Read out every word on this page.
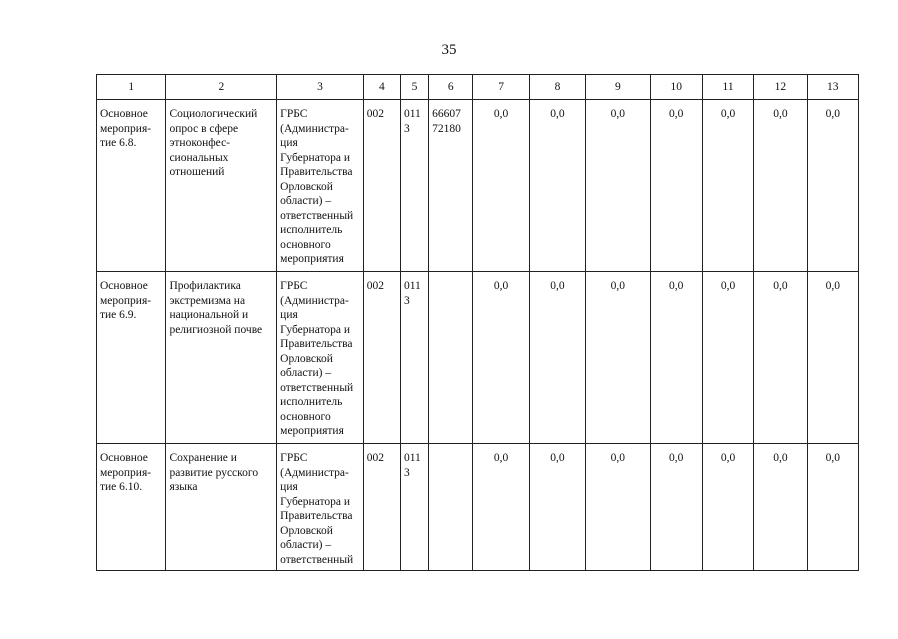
35
1	2	3	4	5	6	7	8	9	10	11	12	13
Основное мероприя-тие 6.8.	Социологический опрос в сфере этноконфес-сиональных отношений	ГРБС (Администра-ция Губернатора и Правительства Орловской области) – ответственный исполнитель основного мероприятия	002	011 3	66607 72180	0,0	0,0	0,0	0,0	0,0	0,0	0,0
Основное мероприя-тие 6.9.	Профилактика экстремизма на национальной и религиозной почве	ГРБС (Администра-ция Губернатора и Правительства Орловской области) – ответственный исполнитель основного мероприятия	002	011 3		0,0	0,0	0,0	0,0	0,0	0,0	0,0
Основное мероприя-тие 6.10.	Сохранение и развитие русского языка	ГРБС (Администра-ция Губернатора и Правительства Орловской области) – ответственный	002	011 3		0,0	0,0	0,0	0,0	0,0	0,0	0,0
